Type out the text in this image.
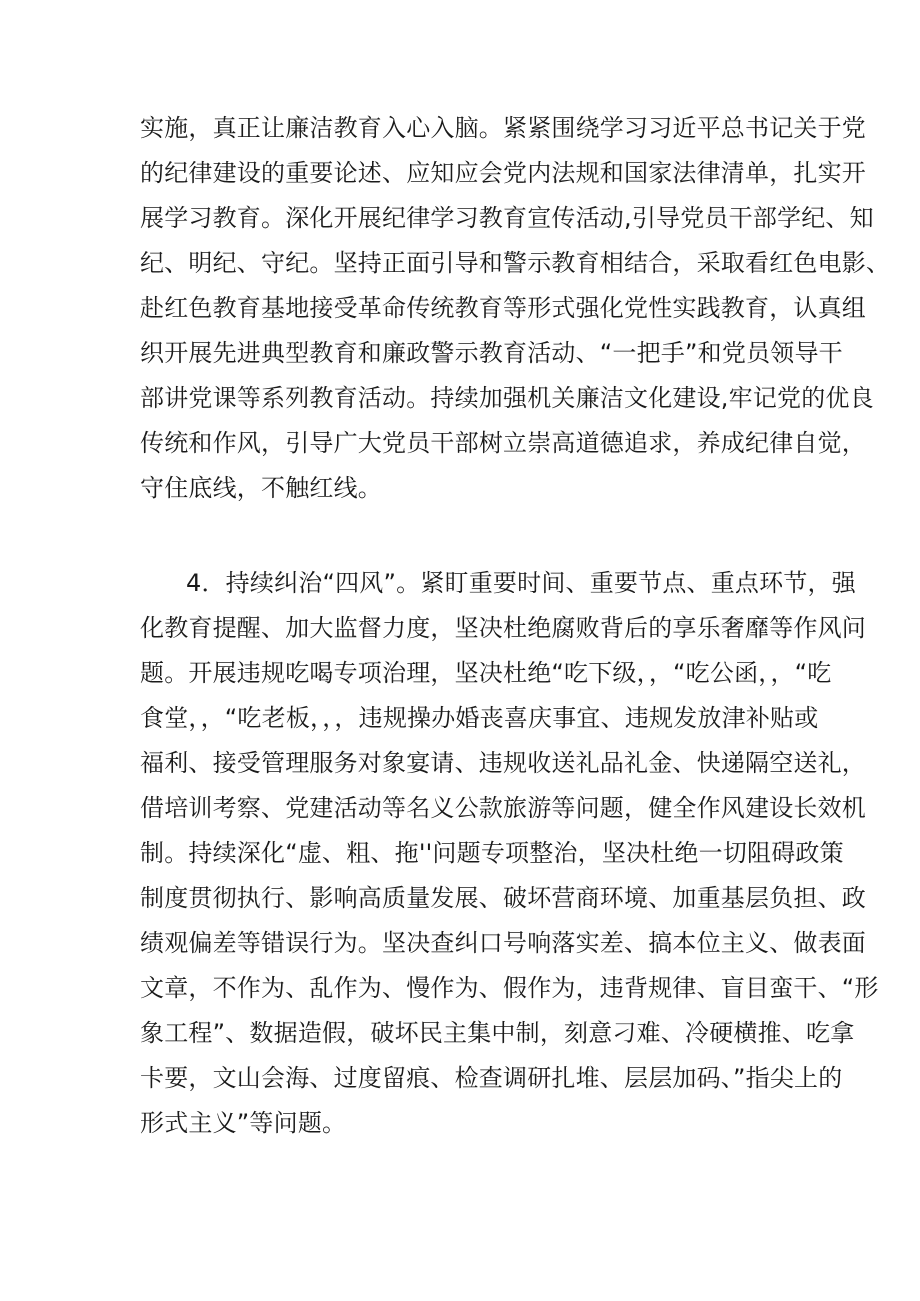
实施，真正让廉洁教育入心入脑。紧紧围绕学习习近平总书记关于党
的纪律建设的重要论述、应知应会党内法规和国家法律清单，扎实开
展学习教育。深化开展纪律学习教育宣传活动,引导党员干部学纪、知
纪、明纪、守纪。坚持正面引导和警示教育相结合，采取看红色电影、
赴红色教育基地接受革命传统教育等形式强化党性实践教育，认真组
织开展先进典型教育和廉政警示教育活动、“一把手”和党员领导干
部讲党课等系列教育活动。持续加强机关廉洁文化建设,牢记党的优良
传统和作风，引导广大党员干部树立崇高道德追求，养成纪律自觉，
守住底线，不触红线。
4．持续纠治“四风”。紧盯重要时间、重要节点、重点环节，强
化教育提醒、加大监督力度，坚决杜绝腐败背后的享乐奢靡等作风问
题。开展违规吃喝专项治理，坚决杜绝“吃下级，，“吃公函，，“吃
食堂，，“吃老板，，，违规操办婚丧喜庆事宜、违规发放津补贴或
福利、接受管理服务对象宴请、违规收送礼品礼金、快递隔空送礼，
借培训考察、党建活动等名义公款旅游等问题，健全作风建设长效机
制。持续深化“虚、粗、拖''问题专项整治，坚决杜绝一切阻碍政策
制度贯彻执行、影响高质量发展、破坏营商环境、加重基层负担、政
绩观偏差等错误行为。坚决查纠口号响落实差、搞本位主义、做表面
文章，不作为、乱作为、慢作为、假作为，违背规律、盲目蛮干、“形
象工程”、数据造假，破坏民主集中制，刻意刁难、冷硬横推、吃拿
卡要，文山会海、过度留痕、检查调研扎堆、层层加码、”指尖上的
形式主义”等问题。
